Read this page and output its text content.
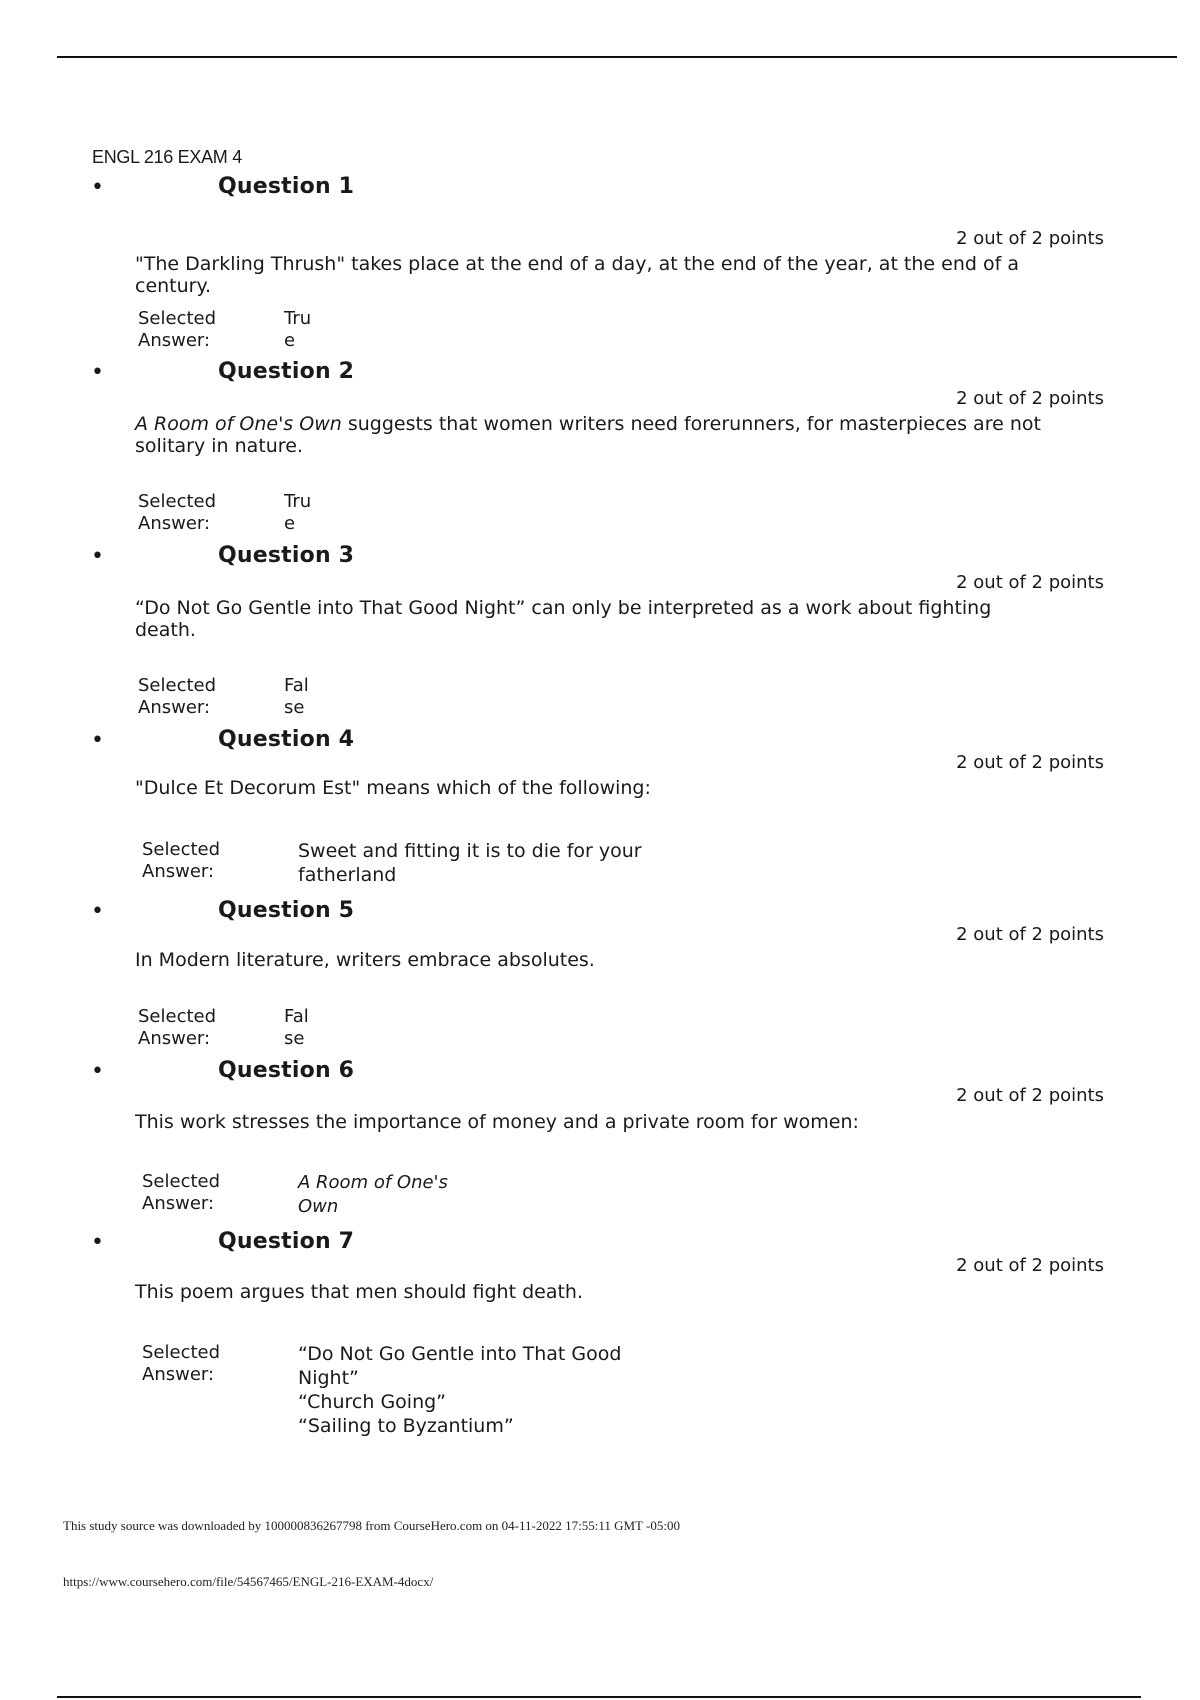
ENGL 216 EXAM 4
•	Question 1
2 out of 2 points
"The Darkling Thrush" takes place at the end of a day, at the end of the year, at the end of a century.
Selected Answer:
True
•	Question 2
2 out of 2 points
A Room of One's Own suggests that women writers need forerunners, for masterpieces are not solitary in nature.
Selected Answer:
True
•	Question 3
2 out of 2 points
“Do Not Go Gentle into That Good Night” can only be interpreted as a work about fighting death.
Selected Answer:
False
•	Question 4
2 out of 2 points
"Dulce Et Decorum Est" means which of the following:
Selected Answer:
Sweet and fitting it is to die for your fatherland
•	Question 5
2 out of 2 points
In Modern literature, writers embrace absolutes.
Selected Answer:
False
•	Question 6
2 out of 2 points
This work stresses the importance of money and a private room for women:
Selected Answer:
A Room of One's Own
•	Question 7
2 out of 2 points
This poem argues that men should fight death.
Selected Answer:
“Do Not Go Gentle into That Good Night”
“Church Going”
“Sailing to Byzantium”
This study source was downloaded by 100000836267798 from CourseHero.com on 04-11-2022 17:55:11 GMT -05:00
https://www.coursehero.com/file/54567465/ENGL-216-EXAM-4docx/
